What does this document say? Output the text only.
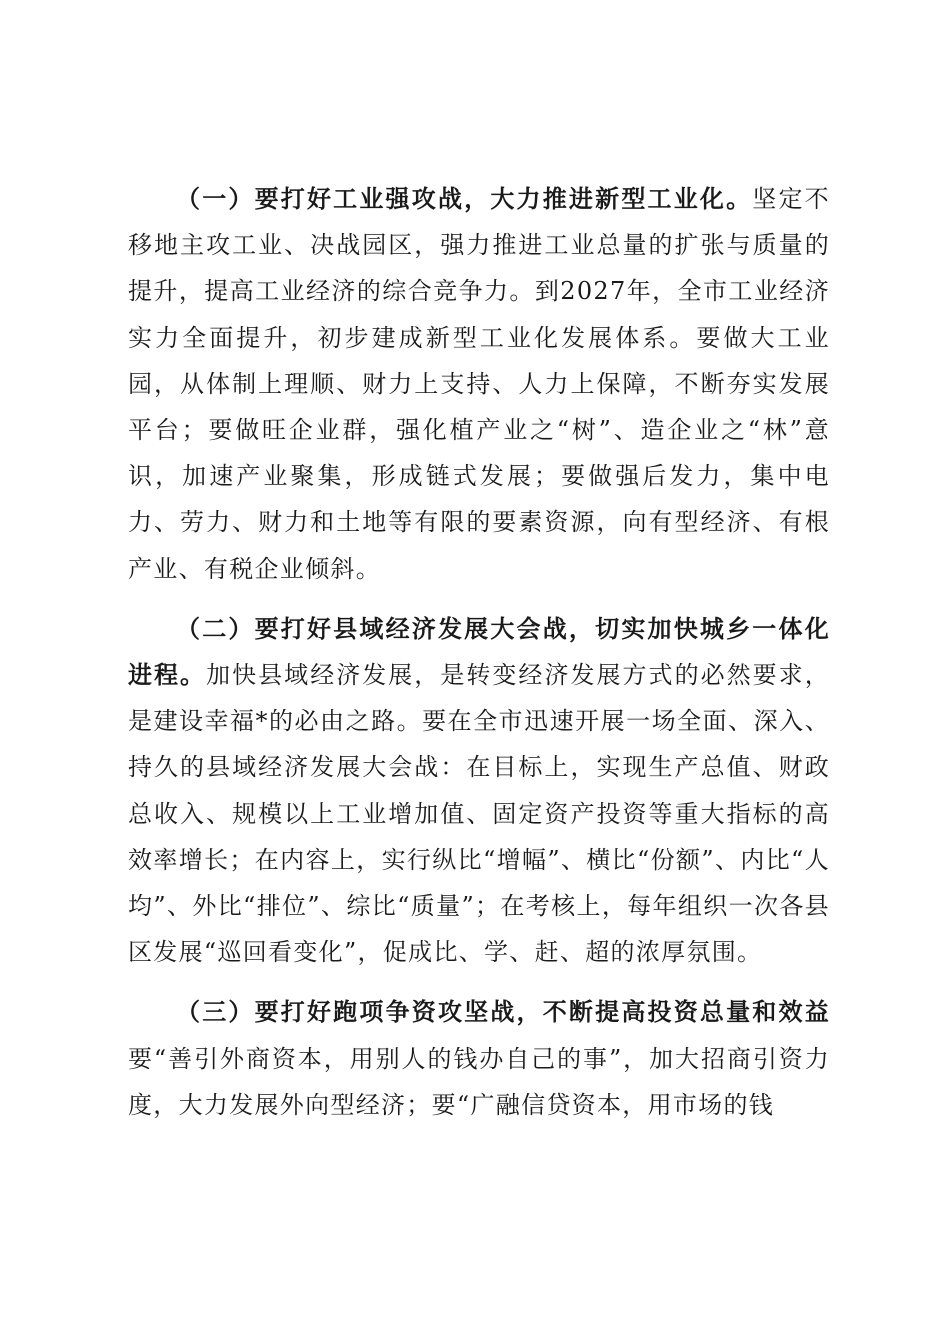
（一）要打好工业强攻战，大力推进新型工业化。坚定不移地主攻工业、决战园区，强力推进工业总量的扩张与质量的提升，提高工业经济的综合竞争力。到2027年，全市工业经济实力全面提升，初步建成新型工业化发展体系。要做大工业园，从体制上理顺、财力上支持、人力上保障，不断夯实发展平台；要做旺企业群，强化植产业之“树”、造企业之“林”意识，加速产业聚集，形成链式发展；要做强后发力，集中电力、劳力、财力和土地等有限的要素资源，向有型经济、有根产业、有税企业倾斜。

（二）要打好县域经济发展大会战，切实加快城乡一体化进程。加快县域经济发展，是转变经济发展方式的必然要求，是建设幸福*的必由之路。要在全市迅速开展一场全面、深入、持久的县域经济发展大会战：在目标上，实现生产总值、财政总收入、规模以上工业增加值、固定资产投资等重大指标的高效率增长；在内容上，实行纵比“增幅”、横比“份额”、内比“人均”、外比“排位”、综比“质量”；在考核上，每年组织一次各县区发展“巡回看变化”，促成比、学、赶、超的浓厚氛围。

（三）要打好跑项争资攻坚战，不断提高投资总量和效益要“善引外商资本，用别人的钱办自己的事”，加大招商引资力度，大力发展外向型经济；要“广融信贷资本，用市场的钱
